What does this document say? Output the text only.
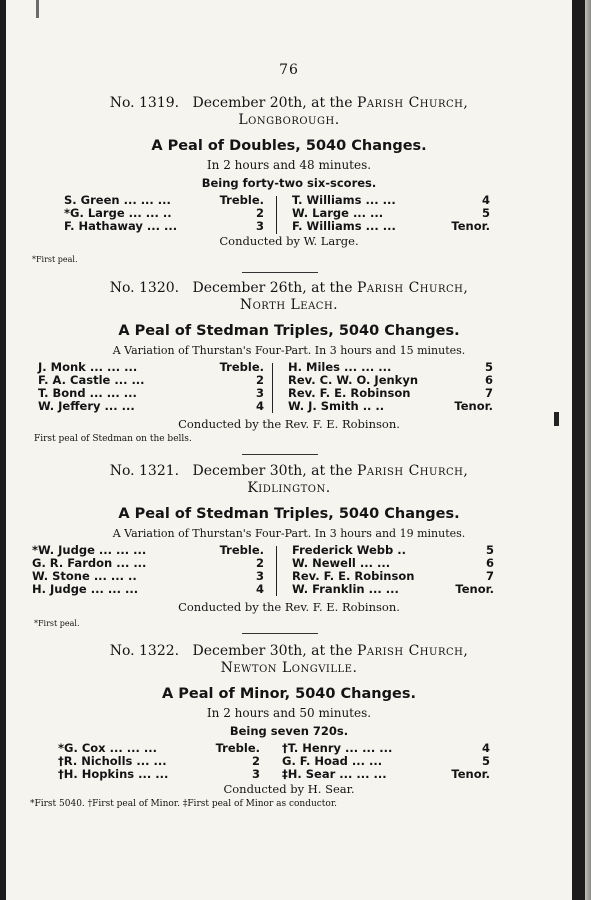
76

No. 1319. December 20th, at the Parish Church,

Longborough.

A Peal of Doubles, 5040 Changes.
In 2 hours and 48 minutes.
Being forty-two six-scores.
S. Green ... ... ...	Treble.
*G. Large ... ... ..	2
F. Hathaway ... ...	3
T. Williams ... ...	4
W. Large ... ...	5
F. Williams ... ...	Tenor.
Conducted by W. Large.
*First peal.

No. 1320. December 26th, at the Parish Church,

North Leach.

A Peal of Stedman Triples, 5040 Changes.
A Variation of Thurstan's Four-Part. In 3 hours and 15 minutes.
J. Monk ... ... ...	Treble.
F. A. Castle ... ...	2
T. Bond ... ... ...	3
W. Jeffery ... ...	4
H. Miles ... ... ...	5
Rev. C. W. O. Jenkyn	6
Rev. F. E. Robinson	7
W. J. Smith .. ..	Tenor.
Conducted by the Rev. F. E. Robinson.
First peal of Stedman on the bells.

No. 1321. December 30th, at the Parish Church,

Kidlington.

A Peal of Stedman Triples, 5040 Changes.
A Variation of Thurstan's Four-Part. In 3 hours and 19 minutes.
*W. Judge ... ... ...	Treble.
G. R. Fardon ... ...	2
W. Stone ... ... ..	3
H. Judge ... ... ...	4
Frederick Webb ..	5
W. Newell ... ...	6
Rev. F. E. Robinson	7
W. Franklin ... ...	Tenor.
Conducted by the Rev. F. E. Robinson.
*First peal.

No. 1322. December 30th, at the Parish Church,

Newton Longville.

A Peal of Minor, 5040 Changes.
In 2 hours and 50 minutes.
Being seven 720s.
*G. Cox ... ... ...	Treble.
†R. Nicholls ... ...	2
†H. Hopkins ... ...	3
†T. Henry ... ... ...	4
G. F. Hoad ... ...	5
‡H. Sear ... ... ...	Tenor.
Conducted by H. Sear.
*First 5040. †First peal of Minor. ‡First peal of Minor as conductor.
